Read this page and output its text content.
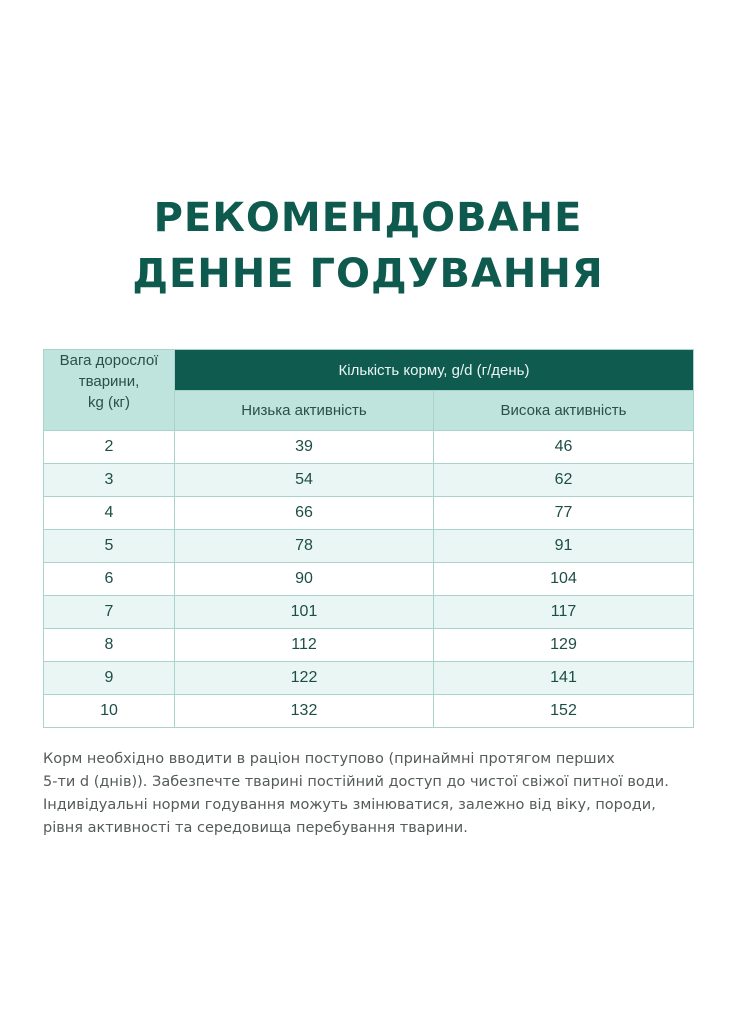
РЕКОМЕНДОВАНЕ
ДЕННЕ ГОДУВАННЯ
Вага дорослої
тварини,
kg (кг)	Кількість корму, g/d (г/день)	
	Низька активність	Висока активність
2	39	46
3	54	62
4	66	77
5	78	91
6	90	104
7	101	117
8	112	129
9	122	141
10	132	152
Корм необхідно вводити в раціон поступово (принаймні протягом перших
5-ти d (днів)). Забезпечте тварині постійний доступ до чистої свіжої питної води.
Індивідуальні норми годування можуть змінюватися, залежно від віку, породи,
рівня активності та середовища перебування тварини.
